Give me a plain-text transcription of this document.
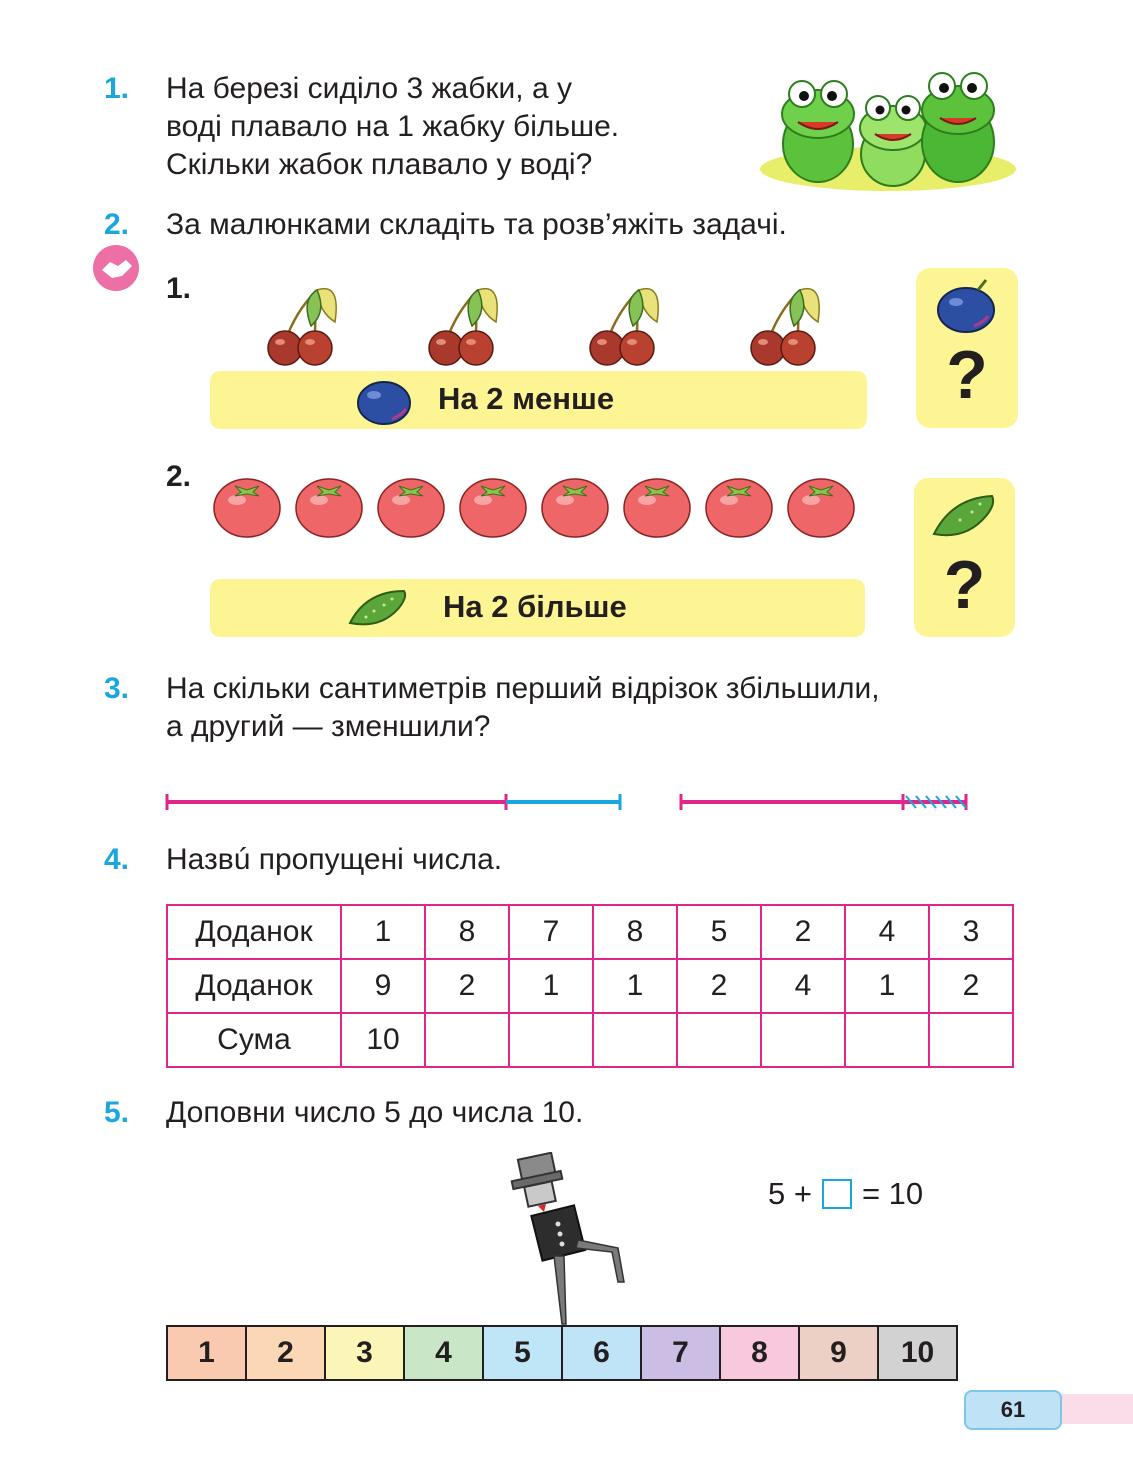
1. На березі сиділо 3 жабки, а у
воді плавало на 1 жабку більше.
Скільки жабок плавало у воді?
2. За малюнками складіть та розв’яжіть задачі.
1.
На 2 менше	?
2.
На 2 більше	?
3. На скільки сантиметрів перший відрізок збільшили,
а другий — зменшили?
4. Назвú пропущені числа.
Доданок	1	8	7	8	5	2	4	3
Доданок	9	2	1	1	2	4	1	2
Сума	10							
5. Доповни число 5 до числа 10.
5 + = 10
1	2	3	4	5	6	7	8	9	10
61
